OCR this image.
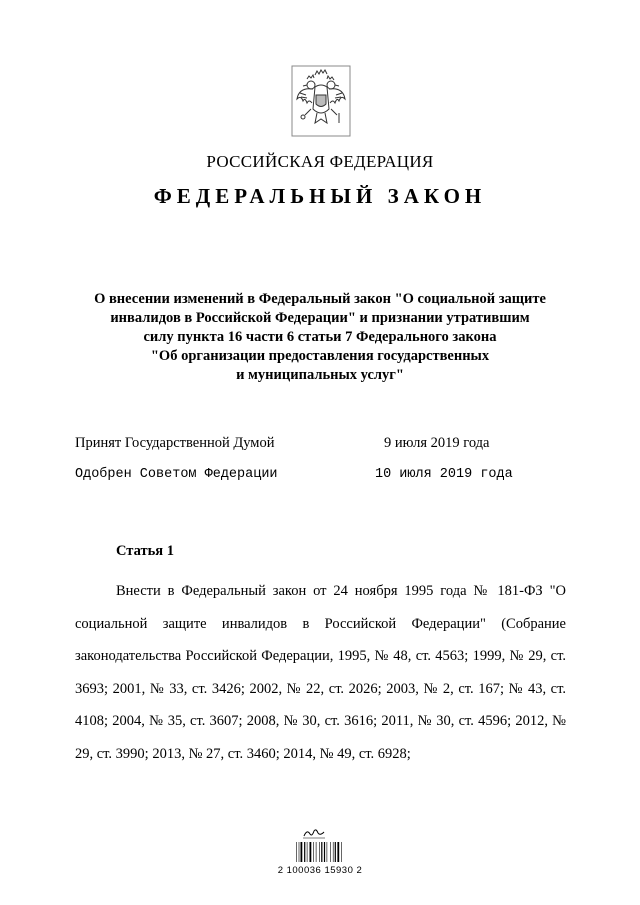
РОССИЙСКАЯ ФЕДЕРАЦИЯ
ФЕДЕРАЛЬНЫЙ ЗАКОН
О внесении изменений в Федеральный закон "О социальной защите
инвалидов в Российской Федерации" и признании утратившим
силу пункта 16 части 6 статьи 7 Федерального закона
"Об организации предоставления государственных
и муниципальных услуг"
Принят Государственной Думой	9 июля 2019 года
Одобрен Советом Федерации	10 июля 2019 года
Статья 1
Внести в Федеральный закон от 24 ноября 1995 года № 181-ФЗ "О социальной защите инвалидов в Российской Федерации" (Собрание законодательства Российской Федерации, 1995, № 48, ст. 4563; 1999, № 29, ст. 3693; 2001, № 33, ст. 3426; 2002, № 22, ст. 2026; 2003, № 2, ст. 167; № 43, ст. 4108; 2004, № 35, ст. 3607; 2008, № 30, ст. 3616; 2011, № 30, ст. 4596; 2012, № 29, ст. 3990; 2013, № 27, ст. 3460; 2014, № 49, ст. 6928;
2 100036 15930 2
